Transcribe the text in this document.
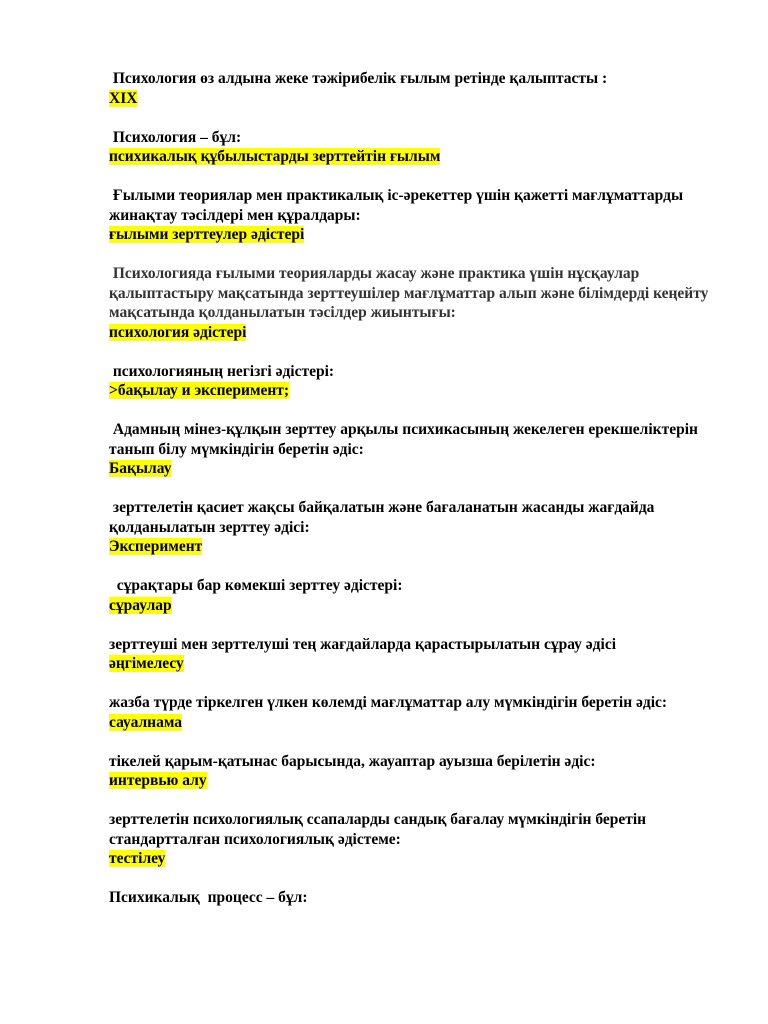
Психология өз алдына жеке тәжірибелік ғылым ретінде қалыптасты :
XIX
Психология – бұл:
психикалық құбылыстарды зерттейтін ғылым
Ғылыми теориялар мен практикалық іс-әрекеттер үшін қажетті мағлұматтарды жинақтау тәсілдері мен құралдары:
ғылыми зерттеулер әдістері
Психологияда ғылыми теорияларды жасау және практика үшін нұсқаулар қалыптастыру мақсатында зерттеушілер мағлұматтар алып және білімдерді кеңейту мақсатында қолданылатын тәсілдер жиынтығы:
психология әдістері
психологияның негізгі әдістері:
>бақылау и эксперимент;
Адамның мінез-құлқын зерттеу арқылы психикасының жекелеген ерекшеліктерін танып білу мүмкіндігін беретін әдіс:
Бақылау
зерттелетін қасиет жақсы байқалатын және бағаланатын жасанды жағдайда қолданылатын зерттеу әдісі:
Эксперимент
сұрақтары бар көмекші зерттеу әдістері:
сұраулар
зерттеуші мен зерттелуші тең жағдайларда қарастырылатын сұрау әдісі
әңгімелесу
жазба түрде тіркелген үлкен көлемді мағлұматтар алу мүмкіндігін беретін әдіс:
сауалнама
тікелей қарым-қатынас барысында, жауаптар ауызша берілетін әдіс:
интервью алу
зерттелетін психологиялық ссапаларды сандық бағалау мүмкіндігін беретін стандартталған психологиялық әдістеме:
тестілеу
Психикалық  процесс – бұл:
